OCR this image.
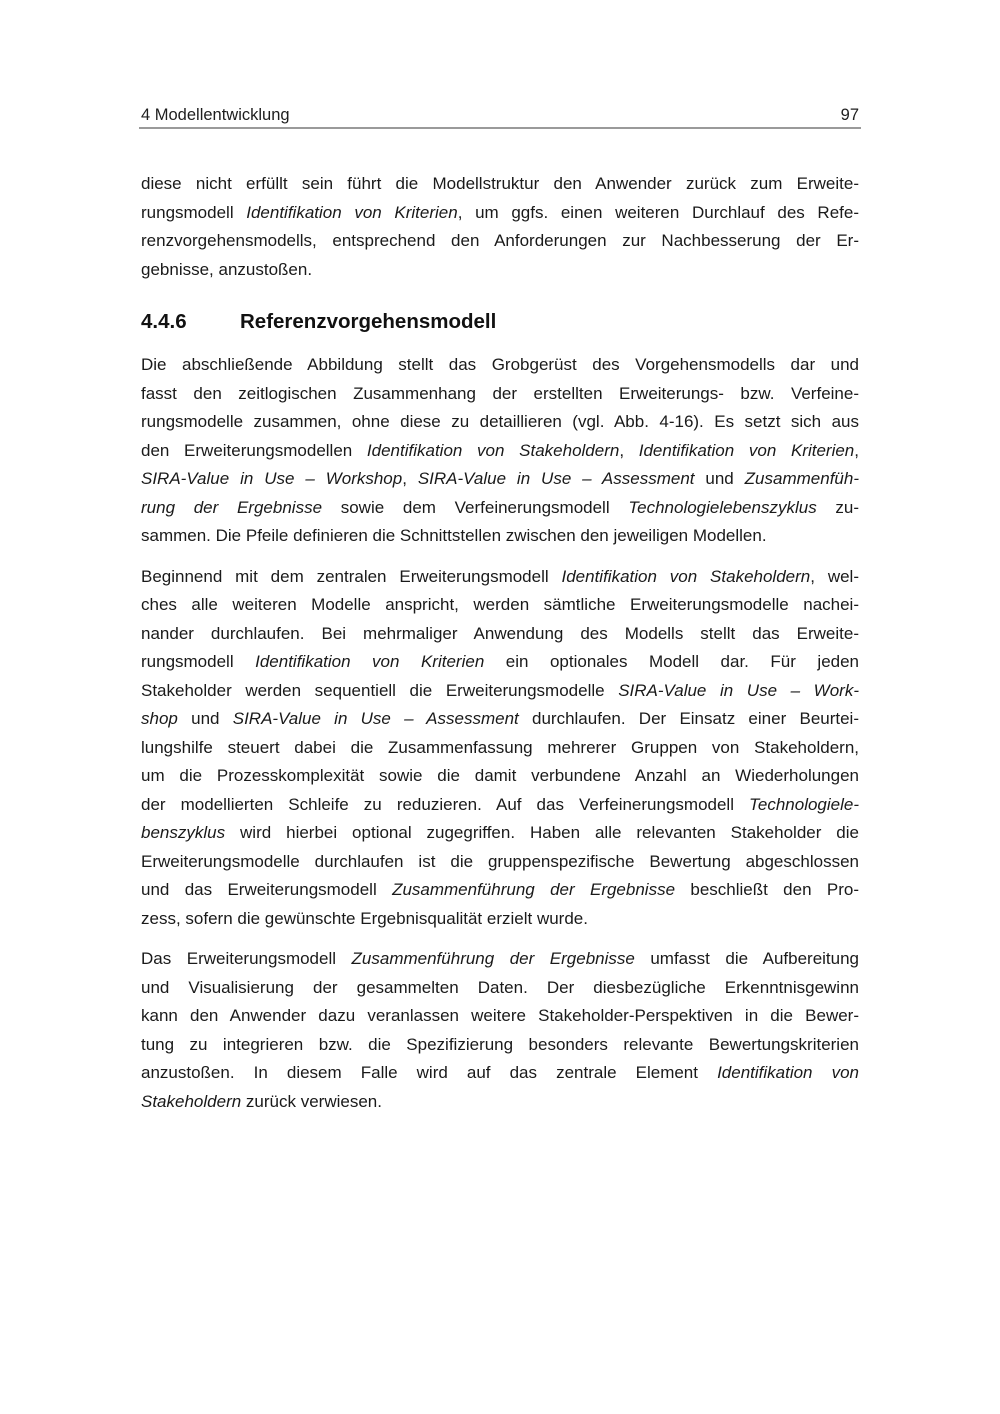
4 Modellentwicklung	97
diese nicht erfüllt sein führt die Modellstruktur den Anwender zurück zum Erweite-
rungsmodell Identifikation von Kriterien, um ggfs. einen weiteren Durchlauf des Refe-
renzvorgehensmodells, entsprechend den Anforderungen zur Nachbesserung der Er-
gebnisse, anzustoßen.
4.4.6	Referenzvorgehensmodell
Die abschließende Abbildung stellt das Grobgerüst des Vorgehensmodells dar und
fasst den zeitlogischen Zusammenhang der erstellten Erweiterungs- bzw. Verfeine-
rungsmodelle zusammen, ohne diese zu detaillieren (vgl. Abb. 4-16). Es setzt sich aus
den Erweiterungsmodellen Identifikation von Stakeholdern, Identifikation von Kriterien,
SIRA-Value in Use – Workshop, SIRA-Value in Use – Assessment und Zusammenfüh-
rung der Ergebnisse sowie dem Verfeinerungsmodell Technologielebenszyklus zu-
sammen. Die Pfeile definieren die Schnittstellen zwischen den jeweiligen Modellen.
Beginnend mit dem zentralen Erweiterungsmodell Identifikation von Stakeholdern, wel-
ches alle weiteren Modelle anspricht, werden sämtliche Erweiterungsmodelle nachei-
nander durchlaufen. Bei mehrmaliger Anwendung des Modells stellt das Erweite-
rungsmodell Identifikation von Kriterien ein optionales Modell dar. Für jeden
Stakeholder werden sequentiell die Erweiterungsmodelle SIRA-Value in Use – Work-
shop und SIRA-Value in Use – Assessment durchlaufen. Der Einsatz einer Beurtei-
lungshilfe steuert dabei die Zusammenfassung mehrerer Gruppen von Stakeholdern,
um die Prozesskomplexität sowie die damit verbundene Anzahl an Wiederholungen
der modellierten Schleife zu reduzieren. Auf das Verfeinerungsmodell Technologiele-
benszyklus wird hierbei optional zugegriffen. Haben alle relevanten Stakeholder die
Erweiterungsmodelle durchlaufen ist die gruppenspezifische Bewertung abgeschlossen
und das Erweiterungsmodell Zusammenführung der Ergebnisse beschließt den Pro-
zess, sofern die gewünschte Ergebnisqualität erzielt wurde.
Das Erweiterungsmodell Zusammenführung der Ergebnisse umfasst die Aufbereitung
und Visualisierung der gesammelten Daten. Der diesbezügliche Erkenntnisgewinn
kann den Anwender dazu veranlassen weitere Stakeholder-Perspektiven in die Bewer-
tung zu integrieren bzw. die Spezifizierung besonders relevante Bewertungskriterien
anzustoßen. In diesem Falle wird auf das zentrale Element Identifikation von
Stakeholdern zurück verwiesen.
